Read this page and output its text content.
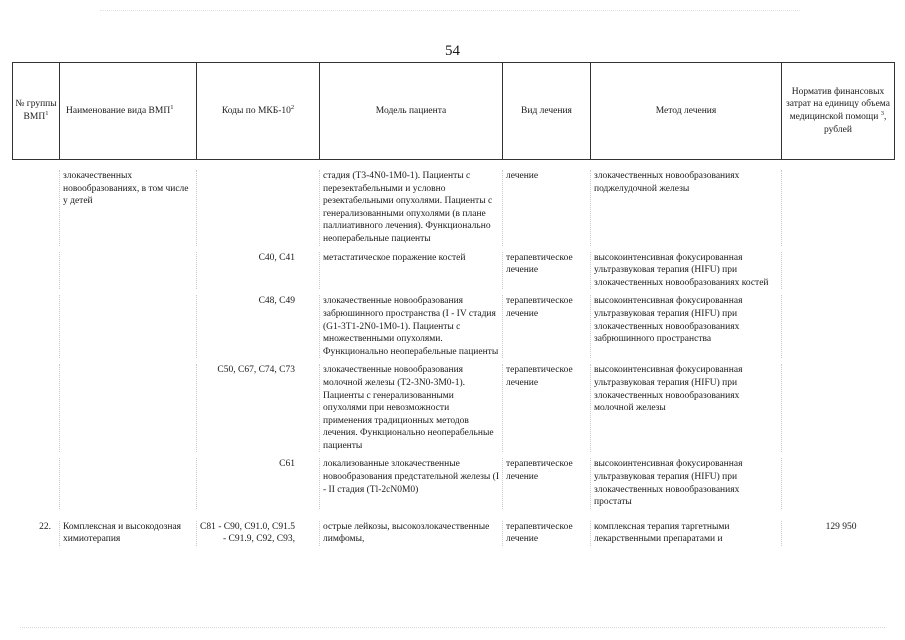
54
№ группы ВМП$^1$	Наименование вида ВМП$^1$	Коды по МКБ-$10^2$	Модель пациента	Вид лечения	Метод лечения	Норматив финансовых затрат на единицу объема медицинской помощи $^3$, рублей

	злокачественных новообразованиях, в том числе у детей		стадия (T3-4N0-1M0-1). Пациенты с перезектабельными и условно резектабельными опухолями. Пациенты с генерализованными опухолями (в плане паллиативного лечения). Функционально неоперабельные пациенты	лечение	злокачественных новообразованиях поджелудочной железы	

		C40, C41	метастатическое поражение костей	терапевтическое лечение	высокоинтенсивная фокусированная ультразвуковая терапия (HIFU) при злокачественных новообразованиях костей	

		C48, C49	злокачественные новообразования забрюшинного пространства (I - IV стадия (G1-3T1-2N0-1M0-1). Пациенты с множественными опухолями. Функционально неоперабельные пациенты	терапевтическое лечение	высокоинтенсивная фокусированная ультразвуковая терапия (HIFU) при злокачественных новообразованиях забрюшинного пространства	

		C50, C67, C74, C73	злокачественные новообразования молочной железы (T2-3N0-3M0-1). Пациенты с генерализованными опухолями при невозможности применения традиционных методов лечения. Функционально неоперабельные пациенты	терапевтическое лечение	высокоинтенсивная фокусированная ультразвуковая терапия (HIFU) при злокачественных новообразованиях молочной железы	

		C61	локализованные злокачественные новообразования предстательной железы (I - II стадия (Tl-2cN0M0)	терапевтическое лечение	высокоинтенсивная фокусированная ультразвуковая терапия (HIFU) при злокачественных новообразованиях простаты	

22.	Комплексная и высокодозная химиотерапия	C81 - C90, C91.0, C91.5 - C91.9, C92, C93,	острые лейкозы, высокозлокачественные лимфомы,	терапевтическое лечение	комплексная терапия таргетными лекарственными препаратами и	129 950
